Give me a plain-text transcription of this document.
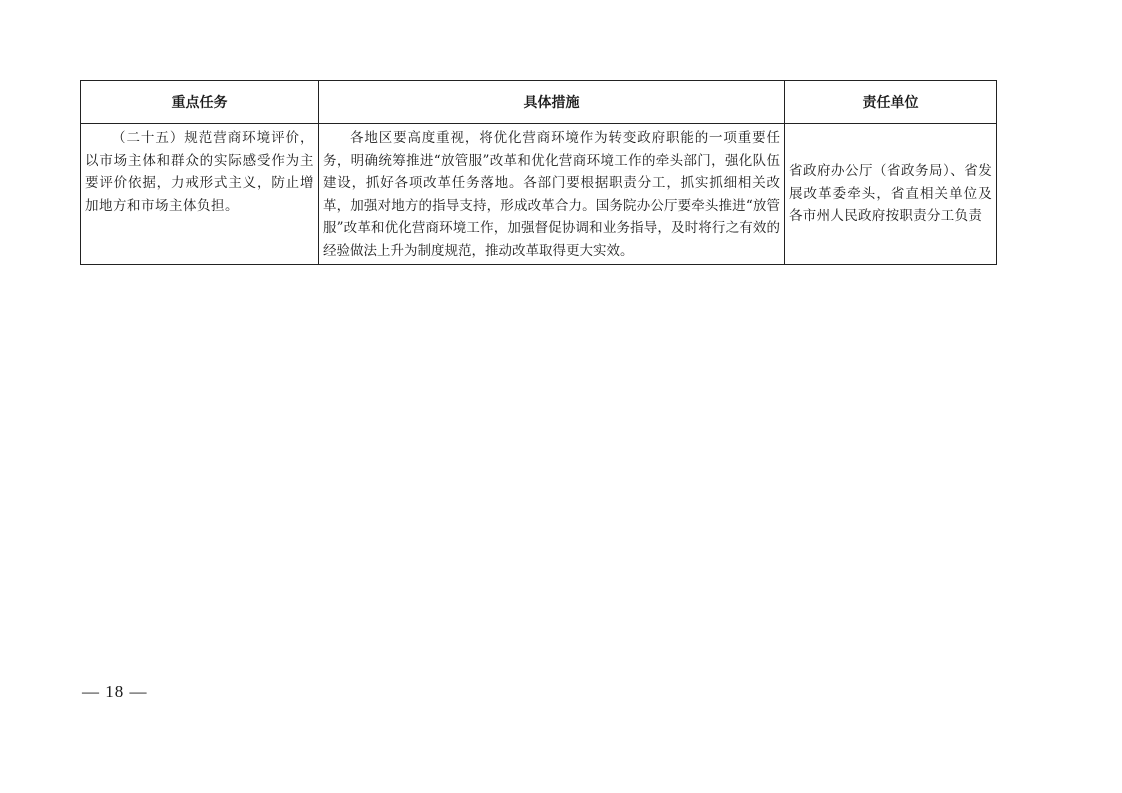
重点任务	具体措施	责任单位
（二十五）规范营商环境评价，以市场主体和群众的实际感受作为主要评价依据，力戒形式主义，防止增加地方和市场主体负担。	各地区要高度重视，将优化营商环境作为转变政府职能的一项重要任务，明确统筹推进“放管服”改革和优化营商环境工作的牵头部门，强化队伍建设，抓好各项改革任务落地。各部门要根据职责分工，抓实抓细相关改革，加强对地方的指导支持，形成改革合力。国务院办公厅要牵头推进“放管服”改革和优化营商环境工作，加强督促协调和业务指导，及时将行之有效的经验做法上升为制度规范，推动改革取得更大实效。	省政府办公厅（省政务局）、省发展改革委牵头，省直相关单位及各市州人民政府按职责分工负责
— 18 —
